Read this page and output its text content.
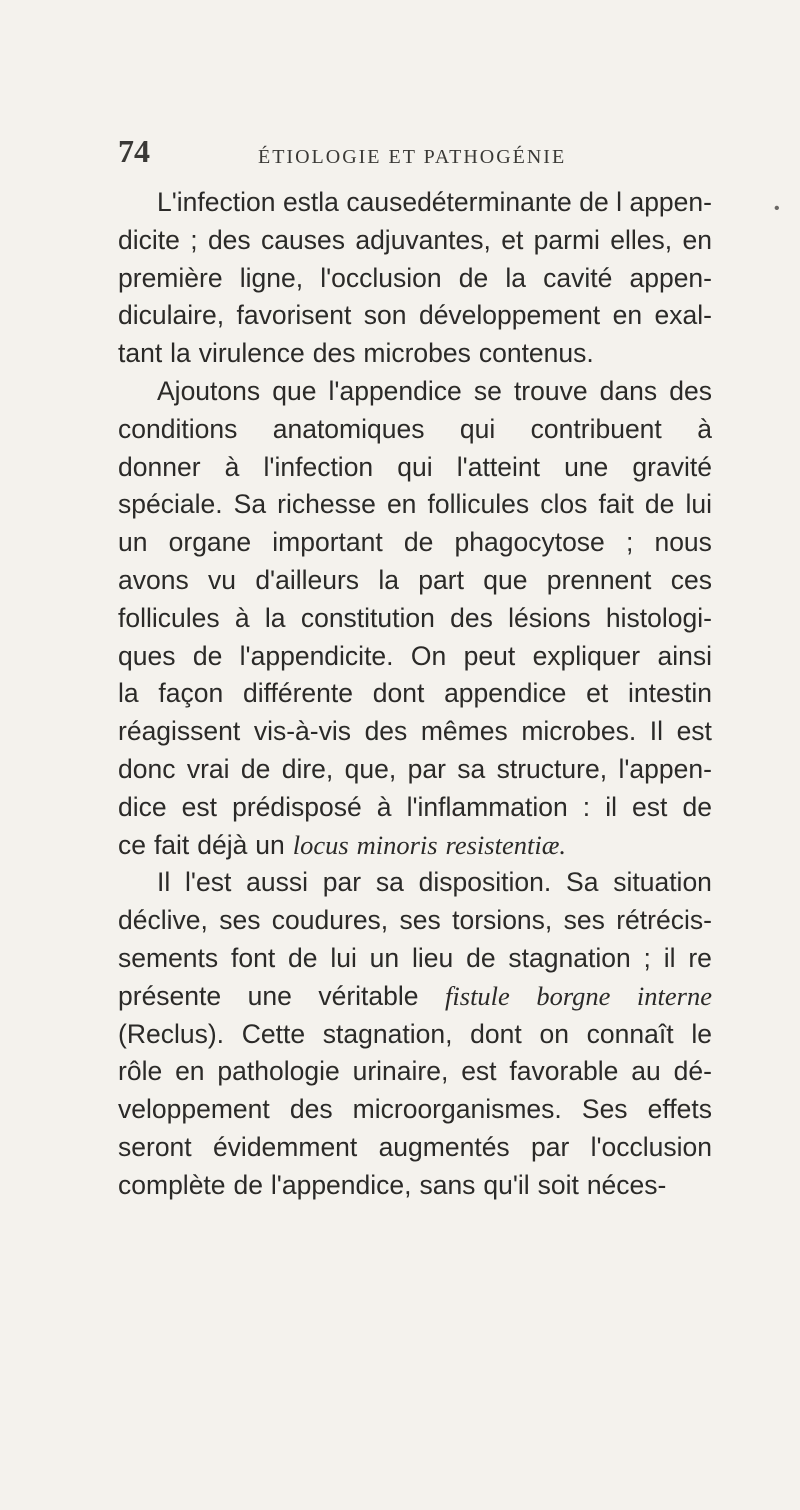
74	ÉTIOLOGIE ET PATHOGÉNIE
•
L'infection estla causedéterminante de l appen-
dicite ; des causes adjuvantes, et parmi elles, en
première ligne, l'occlusion de la cavité appen-
diculaire, favorisent son développement en exal-
tant la virulence des microbes contenus.
Ajoutons que l'appendice se trouve dans des
conditions anatomiques qui contribuent à
donner à l'infection qui l'atteint une gravité
spéciale. Sa richesse en follicules clos fait de lui
un organe important de phagocytose ; nous
avons vu d'ailleurs la part que prennent ces
follicules à la constitution des lésions histologi-
ques de l'appendicite. On peut expliquer ainsi
la façon différente dont appendice et intestin
réagissent vis-à-vis des mêmes microbes. Il est
donc vrai de dire, que, par sa structure, l'appen-
dice est prédisposé à l'inflammation : il est de
ce fait déjà un locus minoris resistentiæ.
Il l'est aussi par sa disposition. Sa situation
déclive, ses coudures, ses torsions, ses rétrécis-
sements font de lui un lieu de stagnation ; il re
présente une véritable fistule borgne interne
(Reclus). Cette stagnation, dont on connaît le
rôle en pathologie urinaire, est favorable au dé-
veloppement des microorganismes. Ses effets
seront évidemment augmentés par l'occlusion
complète de l'appendice, sans qu'il soit néces-
